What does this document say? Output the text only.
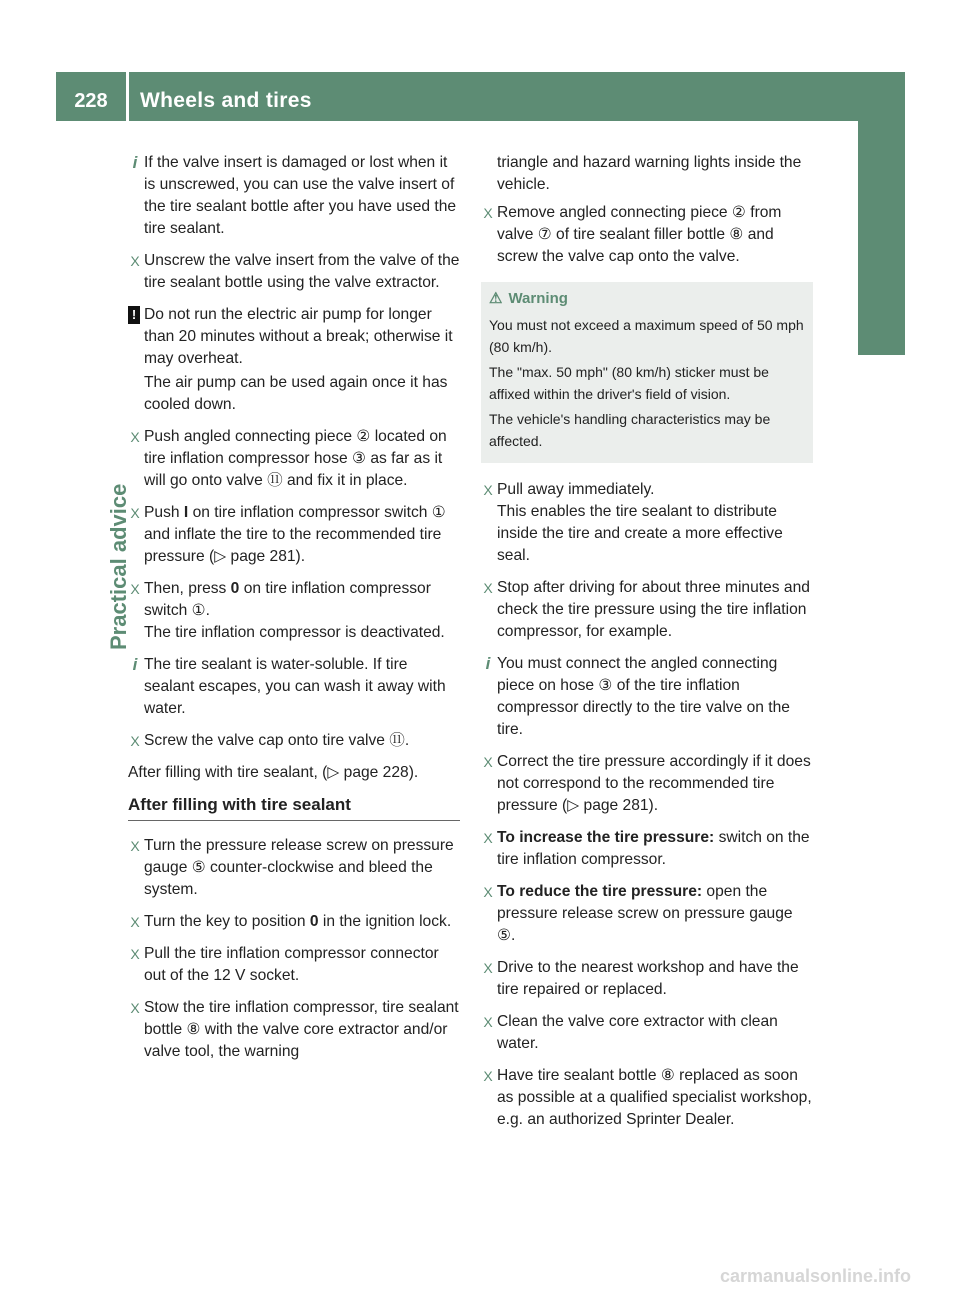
228	Wheels and tires
Practical advice
i If the valve insert is damaged or lost when it is unscrewed, you can use the valve insert of the tire sealant bottle after you have used the tire sealant.
X Unscrew the valve insert from the valve of the tire sealant bottle using the valve extractor.
! Do not run the electric air pump for longer than 20 minutes without a break; otherwise it may overheat.
The air pump can be used again once it has cooled down.
X Push angled connecting piece ② located on tire inflation compressor hose ③ as far as it will go onto valve ⑪ and fix it in place.
X Push I on tire inflation compressor switch ① and inflate the tire to the recommended tire pressure (▷ page 281).
X Then, press 0 on tire inflation compressor switch ①.
The tire inflation compressor is deactivated.
i The tire sealant is water-soluble. If tire sealant escapes, you can wash it away with water.
X Screw the valve cap onto tire valve ⑪.
After filling with tire sealant, (▷ page 228).
After filling with tire sealant
X Turn the pressure release screw on pressure gauge ⑤ counter-clockwise and bleed the system.
X Turn the key to position 0 in the ignition lock.
X Pull the tire inflation compressor connector out of the 12 V socket.
X Stow the tire inflation compressor, tire sealant bottle ⑧ with the valve core extractor and/or valve tool, the warning
triangle and hazard warning lights inside the vehicle.
X Remove angled connecting piece ② from valve ⑦ of tire sealant filler bottle ⑧ and screw the valve cap onto the valve.
⚠ Warning

You must not exceed a maximum speed of 50 mph (80 km/h).

The "max. 50 mph" (80 km/h) sticker must be affixed within the driver's field of vision.

The vehicle's handling characteristics may be affected.

X Pull away immediately.
This enables the tire sealant to distribute inside the tire and create a more effective seal.
X Stop after driving for about three minutes and check the tire pressure using the tire inflation compressor, for example.
i You must connect the angled connecting piece on hose ③ of the tire inflation compressor directly to the tire valve on the tire.
X Correct the tire pressure accordingly if it does not correspond to the recommended tire pressure (▷ page 281).
X To increase the tire pressure: switch on the tire inflation compressor.
X To reduce the tire pressure: open the pressure release screw on pressure gauge ⑤.
X Drive to the nearest workshop and have the tire repaired or replaced.
X Clean the valve core extractor with clean water.
X Have tire sealant bottle ⑧ replaced as soon as possible at a qualified specialist workshop, e.g. an authorized Sprinter Dealer.
carmanualsonline.info
